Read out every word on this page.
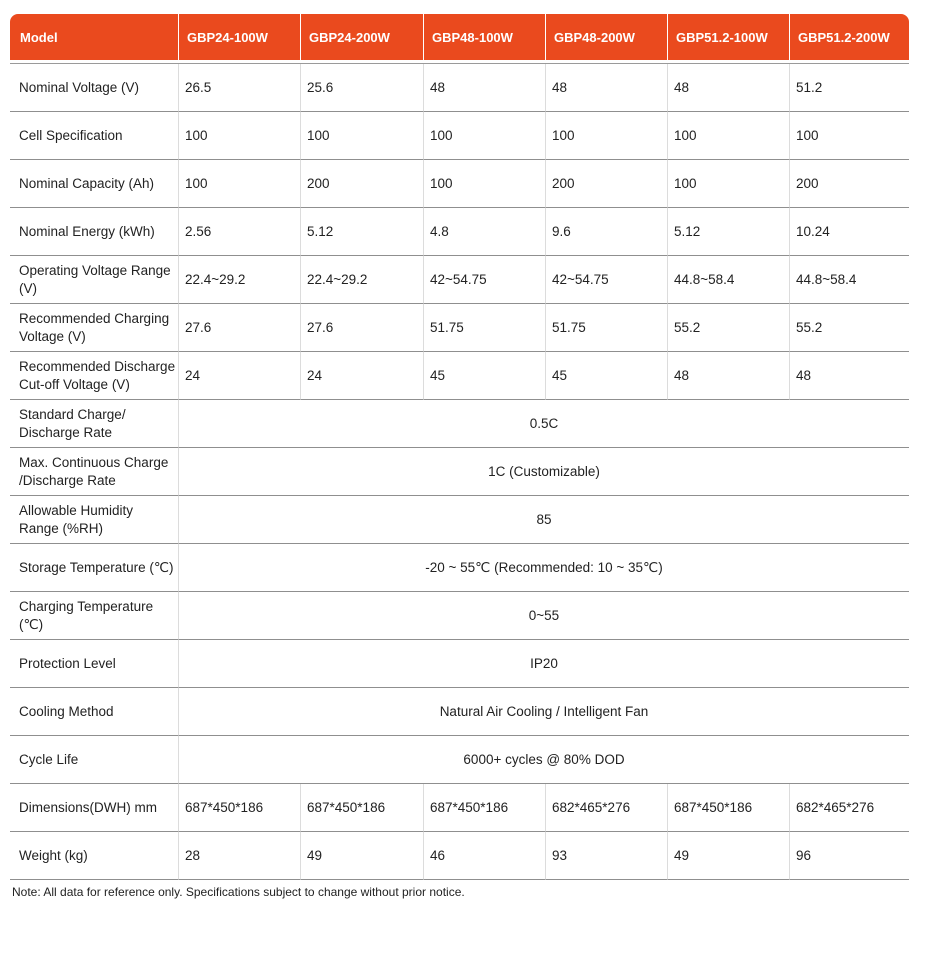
Model	GBP24-100W	GBP24-200W	GBP48-100W	GBP48-200W	GBP51.2-100W	GBP51.2-200W

Nominal Voltage (V)	26.5	25.6	48	48	48	51.2
Cell Specification	100	100	100	100	100	100
Nominal Capacity (Ah)	100	200	100	200	100	200
Nominal Energy (kWh)	2.56	5.12	4.8	9.6	5.12	10.24
Operating Voltage Range (V)	22.4~29.2	22.4~29.2	42~54.75	42~54.75	44.8~58.4	44.8~58.4
Recommended Charging Voltage (V)	27.6	27.6	51.75	51.75	55.2	55.2
Recommended Discharge Cut-off Voltage (V)	24	24	45	45	48	48
Standard Charge/ Discharge Rate	0.5C					
Max. Continuous Charge /Discharge Rate	1C (Customizable)					
Allowable Humidity Range (%RH)	85					
Storage Temperature (℃)	-20 ~ 55℃ (Recommended: 10 ~ 35℃)					
Charging Temperature (℃)	0~55					
Protection Level	IP20					
Cooling Method	Natural Air Cooling / Intelligent Fan					
Cycle Life	6000+ cycles @ 80% DOD					
Dimensions(DWH) mm	687*450*186	687*450*186	687*450*186	682*465*276	687*450*186	682*465*276
Weight (kg)	28	49	46	93	49	96
Note: All data for reference only. Specifications subject to change without prior notice.
